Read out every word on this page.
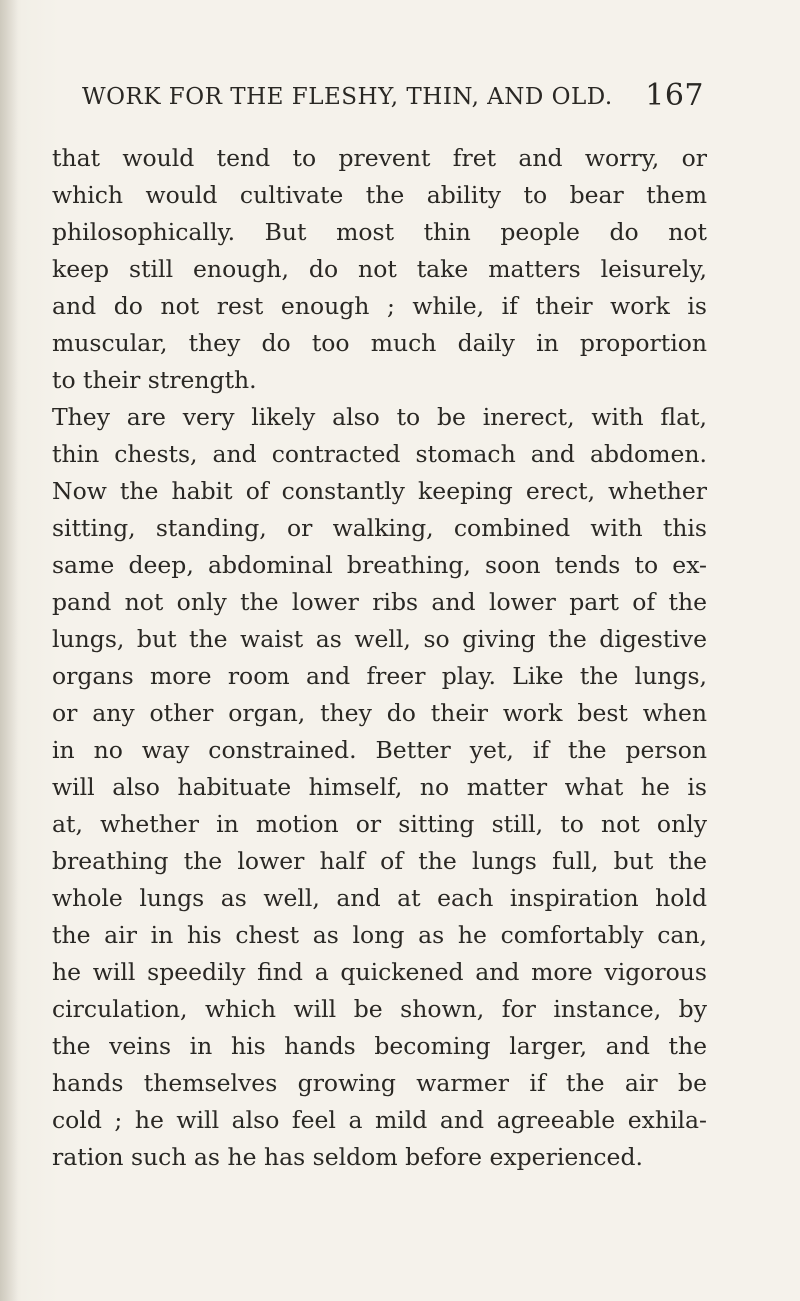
WORK FOR THE FLESHY, THIN, AND OLD. 167
that would tend to prevent fret and worry, or
which would cultivate the ability to bear them
philosophically. But most thin people do not
keep still enough, do not take matters leisurely,
and do not rest enough ; while, if their work is
muscular, they do too much daily in proportion
to their strength.
They are very likely also to be inerect, with flat,
thin chests, and contracted stomach and abdomen.
Now the habit of constantly keeping erect, whether
sitting, standing, or walking, combined with this
same deep, abdominal breathing, soon tends to ex-
pand not only the lower ribs and lower part of the
lungs, but the waist as well, so giving the digestive
organs more room and freer play. Like the lungs,
or any other organ, they do their work best when
in no way constrained. Better yet, if the person
will also habituate himself, no matter what he is
at, whether in motion or sitting still, to not only
breathing the lower half of the lungs full, but the
whole lungs as well, and at each inspiration hold
the air in his chest as long as he comfortably can,
he will speedily find a quickened and more vigorous
circulation, which will be shown, for instance, by
the veins in his hands becoming larger, and the
hands themselves growing warmer if the air be
cold ; he will also feel a mild and agreeable exhila-
ration such as he has seldom before experienced.
